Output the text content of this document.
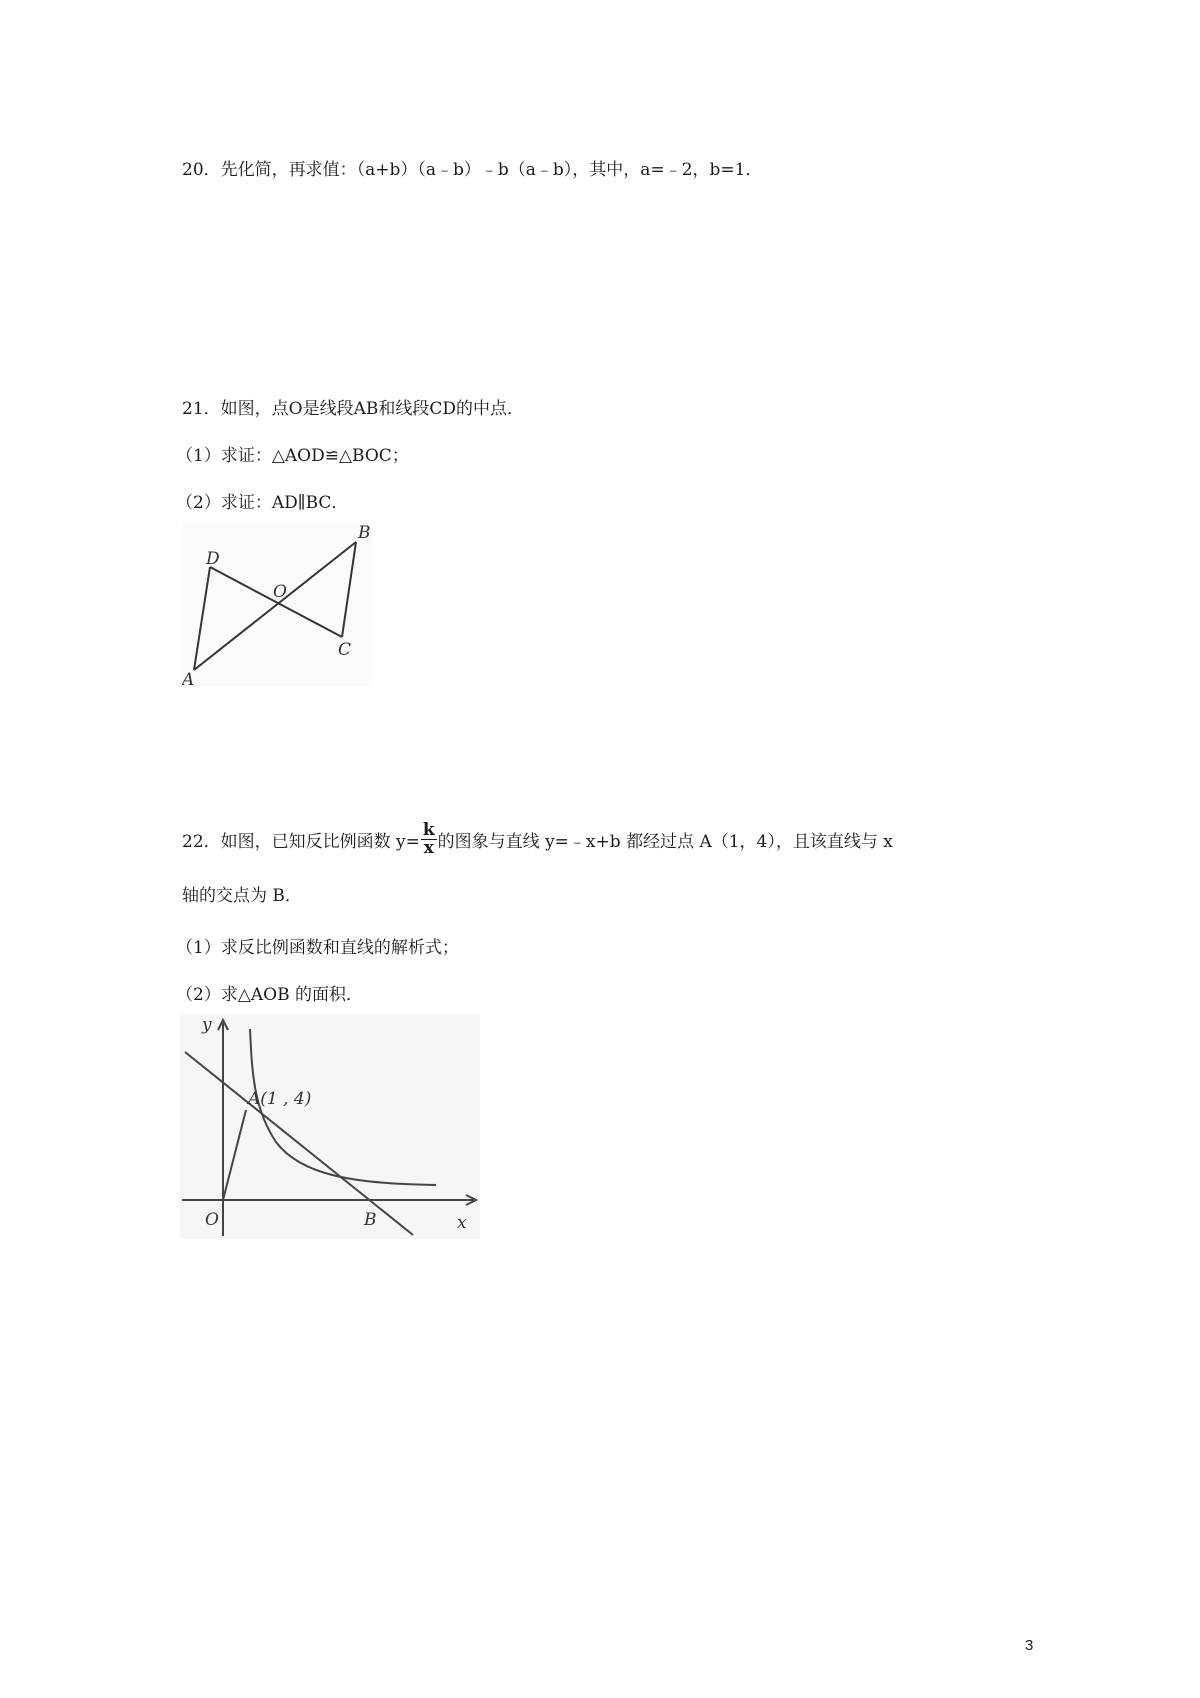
20．先化简，再求值：（a+b）（a﹣b）﹣b（a﹣b），其中，a=﹣2，b=1．
21．如图，点O是线段AB和线段CD的中点．
（1）求证：△AOD≌△BOC；
（2）求证：AD∥BC．
D
B
O
C
A
22．如图，已知反比例函数 $y= \frac{k}{x}$ 的图象与直线 y=﹣x+b 都经过点 A（1，4），且该直线与 x
轴的交点为 B．
（1）求反比例函数和直线的解析式；
（2）求△AOB 的面积．
y
x
O	B
A(1 , 4)
3
